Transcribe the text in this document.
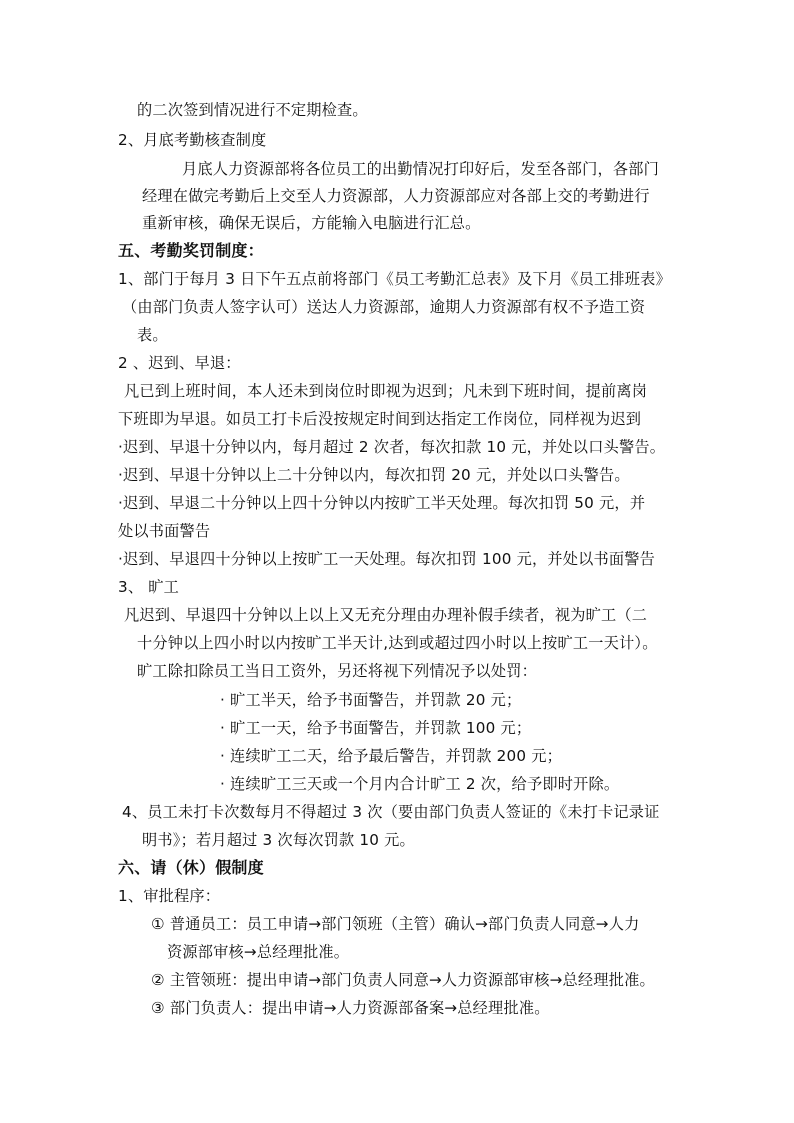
的二次签到情况进行不定期检查。
2、月底考勤核查制度
月底人力资源部将各位员工的出勤情况打印好后，发至各部门，各部门
经理在做完考勤后上交至人力资源部，人力资源部应对各部上交的考勤进行
重新审核，确保无误后，方能输入电脑进行汇总。
五、考勤奖罚制度：
1、部门于每月 3 日下午五点前将部门《员工考勤汇总表》及下月《员工排班表》
（由部门负责人签字认可）送达人力资源部，逾期人力资源部有权不予造工资
表。
2 、迟到、早退：
凡已到上班时间，本人还未到岗位时即视为迟到；凡未到下班时间，提前离岗
下班即为早退。如员工打卡后没按规定时间到达指定工作岗位，同样视为迟到
·迟到、早退十分钟以内，每月超过 2 次者，每次扣款 10 元，并处以口头警告。
·迟到、早退十分钟以上二十分钟以内，每次扣罚 20 元，并处以口头警告。
·迟到、早退二十分钟以上四十分钟以内按旷工半天处理。每次扣罚 50 元，并
处以书面警告
·迟到、早退四十分钟以上按旷工一天处理。每次扣罚 100 元，并处以书面警告
3、 旷工
凡迟到、早退四十分钟以上以上又无充分理由办理补假手续者，视为旷工（二
十分钟以上四小时以内按旷工半天计,达到或超过四小时以上按旷工一天计）。
旷工除扣除员工当日工资外，另还将视下列情况予以处罚：
· 旷工半天，给予书面警告，并罚款 20 元；
· 旷工一天，给予书面警告，并罚款 100 元；
· 连续旷工二天，给予最后警告，并罚款 200 元；
· 连续旷工三天或一个月内合计旷工 2 次，给予即时开除。
4、员工未打卡次数每月不得超过 3 次（要由部门负责人签证的《未打卡记录证
明书》；若月超过 3 次每次罚款 10 元。
六、请（休）假制度
1、审批程序：
① 普通员工：员工申请→部门领班（主管）确认→部门负责人同意→人力
资源部审核→总经理批准。
② 主管领班：提出申请→部门负责人同意→人力资源部审核→总经理批准。
③ 部门负责人：提出申请→人力资源部备案→总经理批准。
